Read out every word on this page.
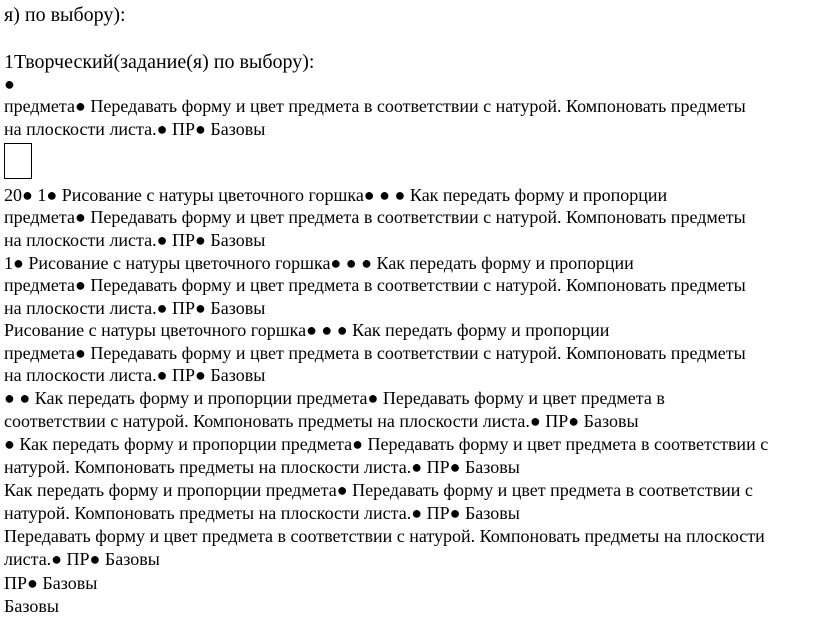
я) по выбору):
1Творческий(задание(я) по выбору):
●
предмета● Передавать форму и цвет предмета в соответствии с натурой. Компоновать предметы
на плоскости листа.● ПР● Базовы
20● 1● Рисование с натуры цветочного горшка● ● ● Как передать форму и пропорции
предмета● Передавать форму и цвет предмета в соответствии с натурой. Компоновать предметы
на плоскости листа.● ПР● Базовы
1● Рисование с натуры цветочного горшка● ● ● Как передать форму и пропорции
предмета● Передавать форму и цвет предмета в соответствии с натурой. Компоновать предметы
на плоскости листа.● ПР● Базовы
Рисование с натуры цветочного горшка● ● ● Как передать форму и пропорции
предмета● Передавать форму и цвет предмета в соответствии с натурой. Компоновать предметы
на плоскости листа.● ПР● Базовы
● ● Как передать форму и пропорции предмета● Передавать форму и цвет предмета в
соответствии с натурой. Компоновать предметы на плоскости листа.● ПР● Базовы
● Как передать форму и пропорции предмета● Передавать форму и цвет предмета в соответствии с
натурой. Компоновать предметы на плоскости листа.● ПР● Базовы
Как передать форму и пропорции предмета● Передавать форму и цвет предмета в соответствии с
натурой. Компоновать предметы на плоскости листа.● ПР● Базовы
Передавать форму и цвет предмета в соответствии с натурой. Компоновать предметы на плоскости
листа.● ПР● Базовы
ПР● Базовы
Базовы
